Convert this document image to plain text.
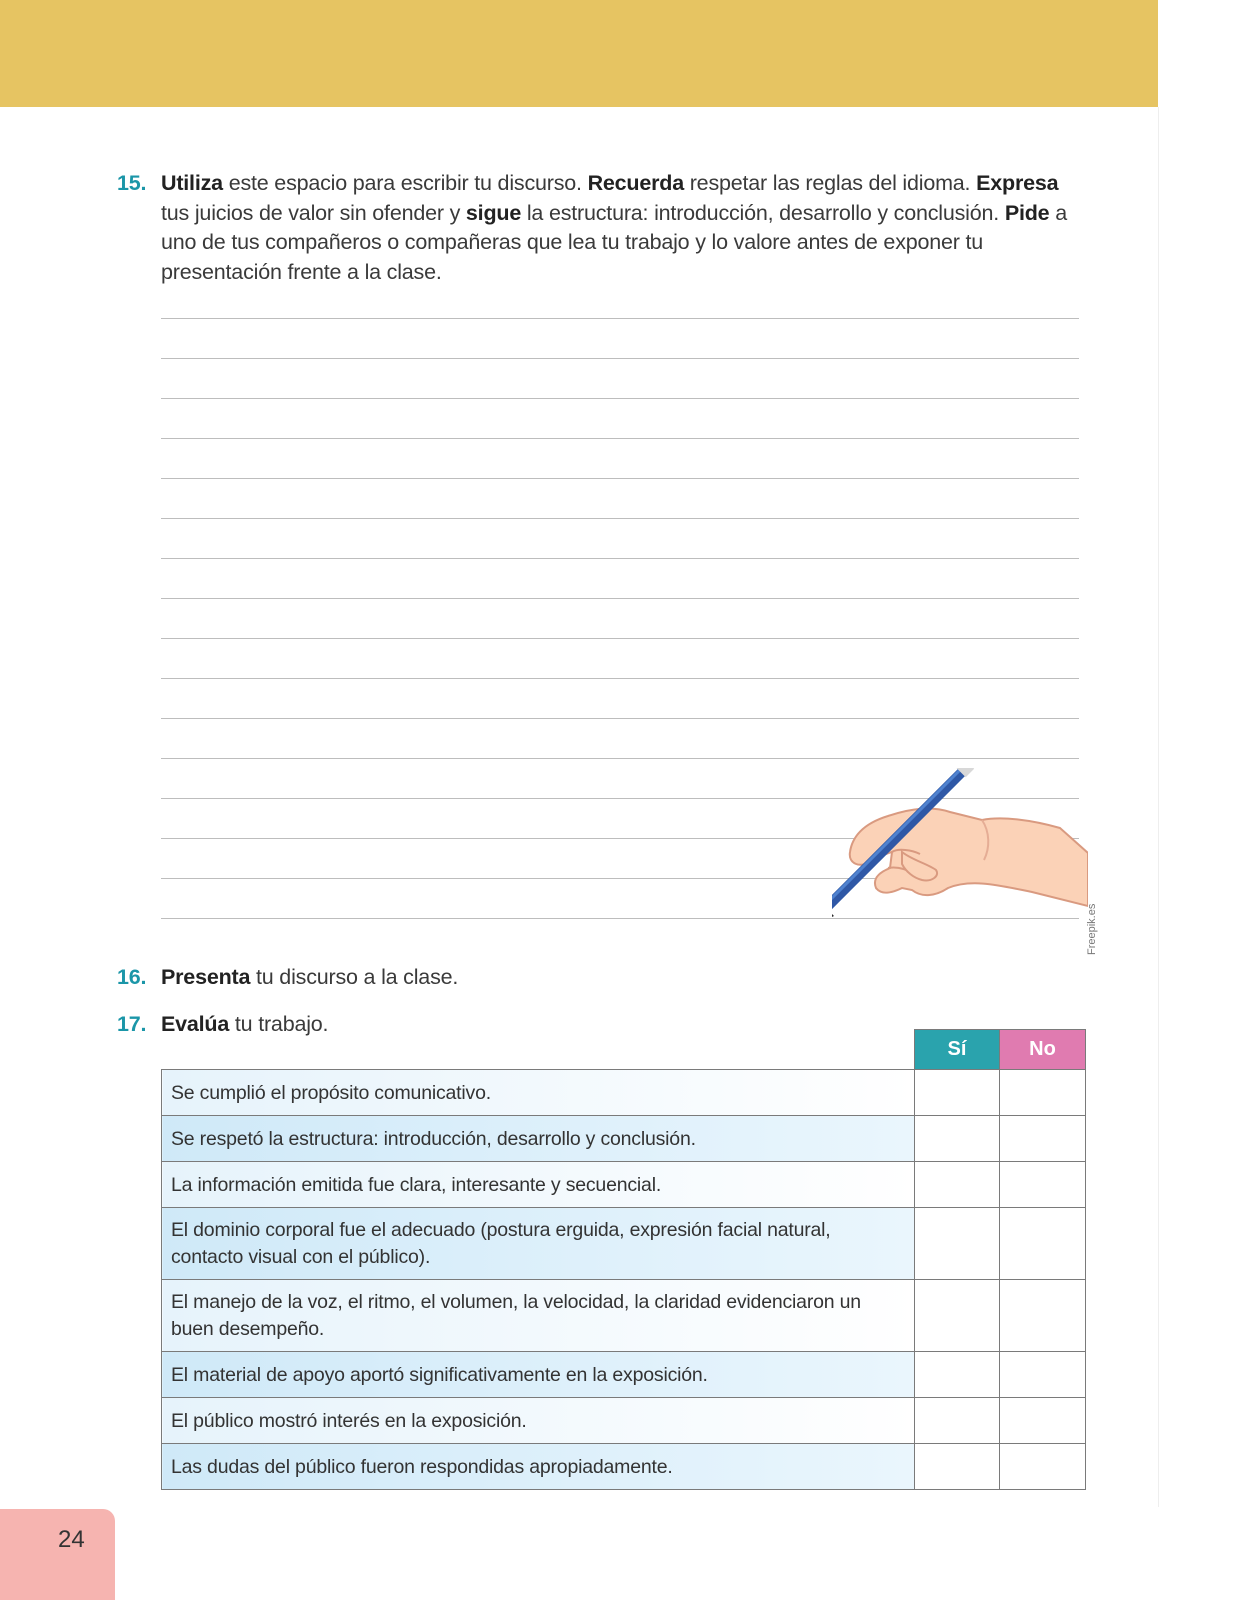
15. Utiliza este espacio para escribir tu discurso. Recuerda respetar las reglas del idioma. Expresa tus juicios de valor sin ofender y sigue la estructura: introducción, desarrollo y conclusión. Pide a uno de tus compañeros o compañeras que lea tu trabajo y lo valore antes de exponer tu presentación frente a la clase.

Freepik.es
16. Presenta tu discurso a la clase.

17. Evalúa tu trabajo.

	Sí	No
Se cumplió el propósito comunicativo.		
Se respetó la estructura: introducción, desarrollo y conclusión.		
La información emitida fue clara, interesante y secuencial.		
El dominio corporal fue el adecuado (postura erguida, expresión facial natural, contacto visual con el público).		
El manejo de la voz, el ritmo, el volumen, la velocidad, la claridad evidenciaron un buen desempeño.		
El material de apoyo aportó significativamente en la exposición.		
El público mostró interés en la exposición.		
Las dudas del público fueron respondidas apropiadamente.		
24
